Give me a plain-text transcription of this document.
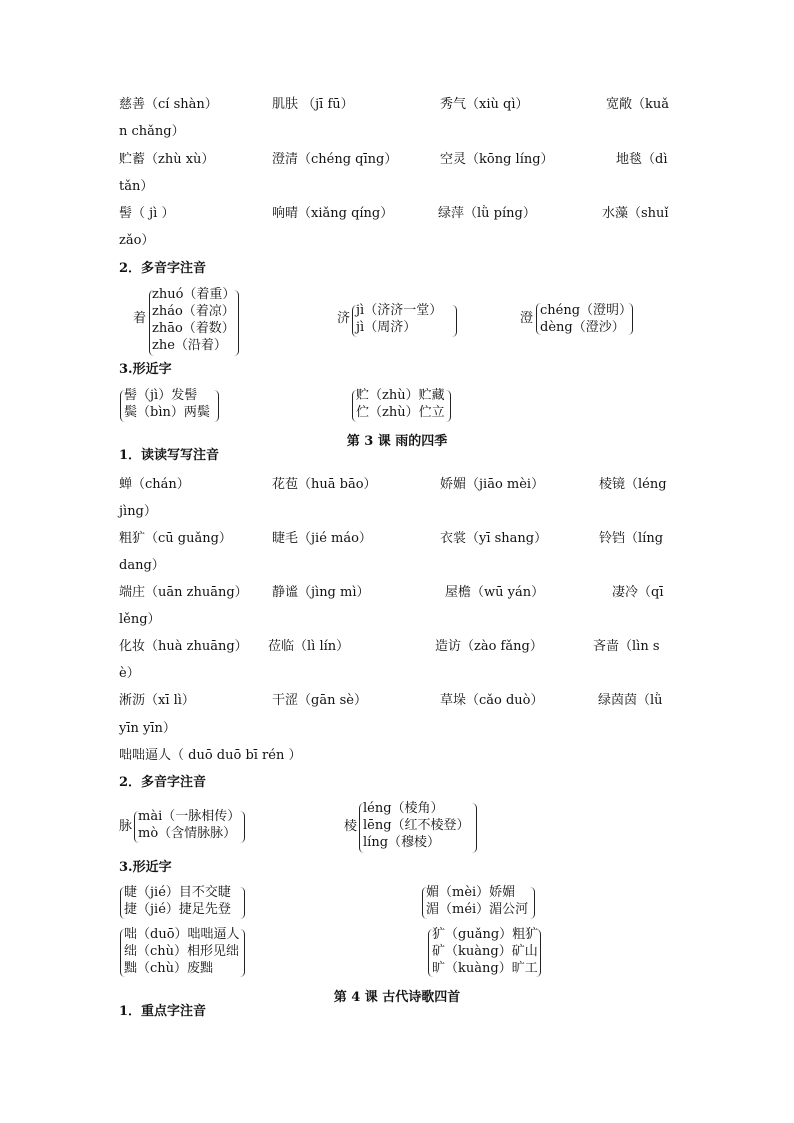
慈善（cí shàn）	肌肤 （jī fū）	秀气（xiù qì）	宽敞（kuǎ
n chǎng）
贮蓄（zhù xù）	澄清（chéng qīng）	空灵（kōng líng）	地毯（dì
tǎn）
髻（ jì ）	响晴（xiǎng qíng）	绿萍（lǜ píng）	水藻（shuǐ
zǎo）
2．多音字注音
着
zhuó（着重）
zháo（着凉）
zhāo（着数）
zhe（沿着）
济
jì（济济一堂）
jì（周济）
澄
chéng（澄明）
dèng（澄沙）
3.形近字
髻（jì）发髻
鬓（bìn）两鬓
贮（zhù）贮藏
伫（zhù）伫立
第 3 课 雨的四季
1．读读写写注音
蝉（chán）	花苞（huā bāo）	娇媚（jiāo mèi）	棱镜（léng
jìng）
粗犷（cū guǎng）	睫毛（jié máo）	衣裳（yī shang）	铃铛（líng
dang）
端庄（uān zhuāng） 静谧（jìng mì）	屋檐（wū yán）	凄冷（qī
lěng）
化妆（huà zhuāng） 莅临（lì lín）	造访（zào fǎng）	吝啬（lìn s
è）
淅沥（xī lì）	干涩（gān sè）	草垛（cǎo duò）	绿茵茵（lǜ
yīn yīn）
咄咄逼人（ duō duō bī rén ）
2．多音字注音
脉
mài（一脉相传）
mò（含情脉脉）	棱
léng（棱角）
lēng（红不棱登）
líng（穆棱）
3.形近字
睫（jié）目不交睫
捷（jié）捷足先登
媚（mèi）娇媚
湄（méi）湄公河
咄（duō）咄咄逼人
绌（chù）相形见绌
黜（chù）废黜
犷（guǎng）粗犷
矿（kuàng）矿山
旷（kuàng）旷工
第 4 课 古代诗歌四首
1．重点字注音
